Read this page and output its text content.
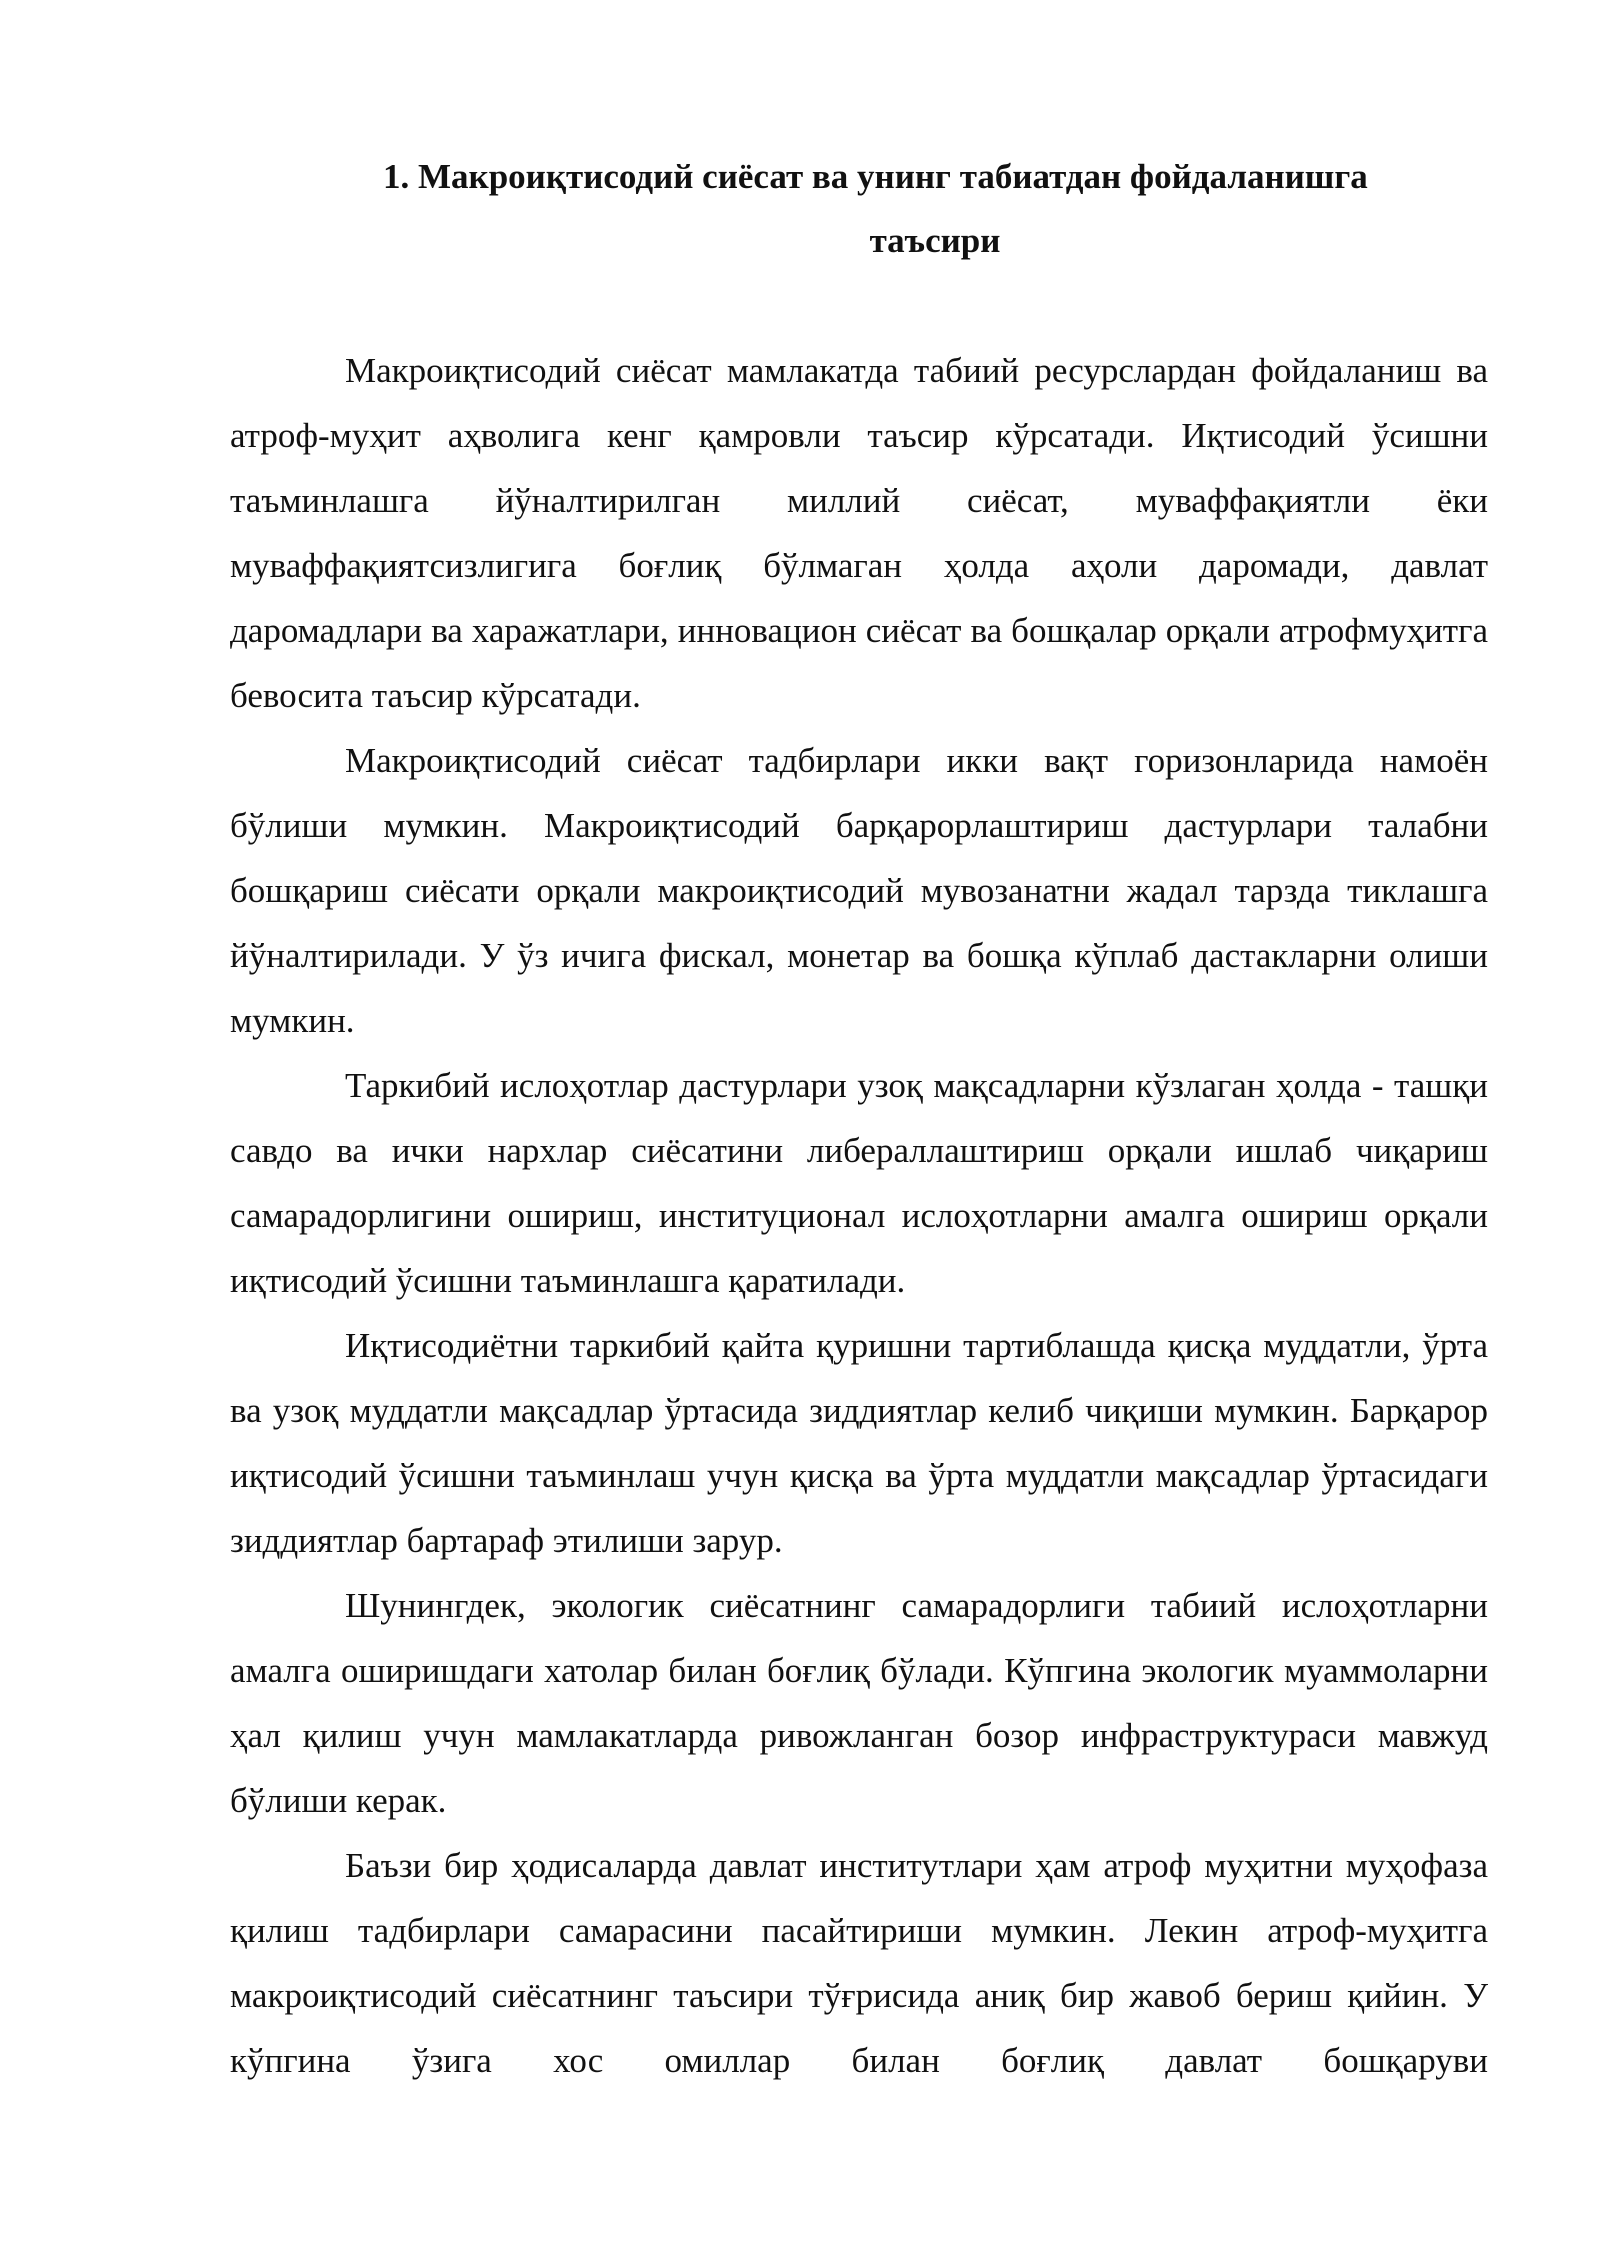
1. Макроиқтисодий сиёсат ва унинг табиатдан фойдаланишга
таъсири

Макроиқтисодий сиёсат мамлакатда табиий ресурслардан фойдаланиш ва атроф-муҳит аҳволига кенг қамровли таъсир кўрсатади. Иқтисодий ўсишни таъминлашга йўналтирилган миллий сиёсат, муваффақиятли ёки муваффақиятсизлигига боғлиқ бўлмаган ҳолда аҳоли даромади, давлат даромадлари ва харажатлари, инновацион сиёсат ва бошқалар орқали атрофмуҳитга бевосита таъсир кўрсатади.

Макроиқтисодий сиёсат тадбирлари икки вақт горизонларида намоён бўлиши мумкин. Макроиқтисодий барқарорлаштириш дастурлари талабни бошқариш сиёсати орқали макроиқтисодий мувозанатни жадал тарзда тиклашга йўналтирилади. У ўз ичига фискал, монетар ва бошқа кўплаб дастакларни олиши мумкин.

Таркибий ислоҳотлар дастурлари узоқ мақсадларни кўзлаган ҳолда - ташқи савдо ва ички нархлар сиёсатини либераллаштириш орқали ишлаб чиқариш самарадорлигини ошириш, институционал ислоҳотларни амалга ошириш орқали иқтисодий ўсишни таъминлашга қаратилади.

Иқтисодиётни таркибий қайта қуришни тартиблашда қисқа муддатли, ўрта ва узоқ муддатли мақсадлар ўртасида зиддиятлар келиб чиқиши мумкин. Барқарор иқтисодий ўсишни таъминлаш учун қисқа ва ўрта муддатли мақсадлар ўртасидаги зиддиятлар бартараф этилиши зарур.

Шунингдек, экологик сиёсатнинг самарадорлиги табиий ислоҳотларни амалга оширишдаги хатолар билан боғлиқ бўлади. Кўпгина экологик муаммоларни ҳал қилиш учун мамлакатларда ривожланган бозор инфраструктураси мавжуд бўлиши керак.

Баъзи бир ҳодисаларда давлат институтлари ҳам атроф муҳитни муҳофаза қилиш тадбирлари самарасини пасайтириши мумкин. Лекин атроф-муҳитга макроиқтисодий сиёсатнинг таъсири тўғрисида аниқ бир жавоб бериш қийин. У кўпгина ўзига хос омиллар билан боғлиқ давлат бошқаруви
